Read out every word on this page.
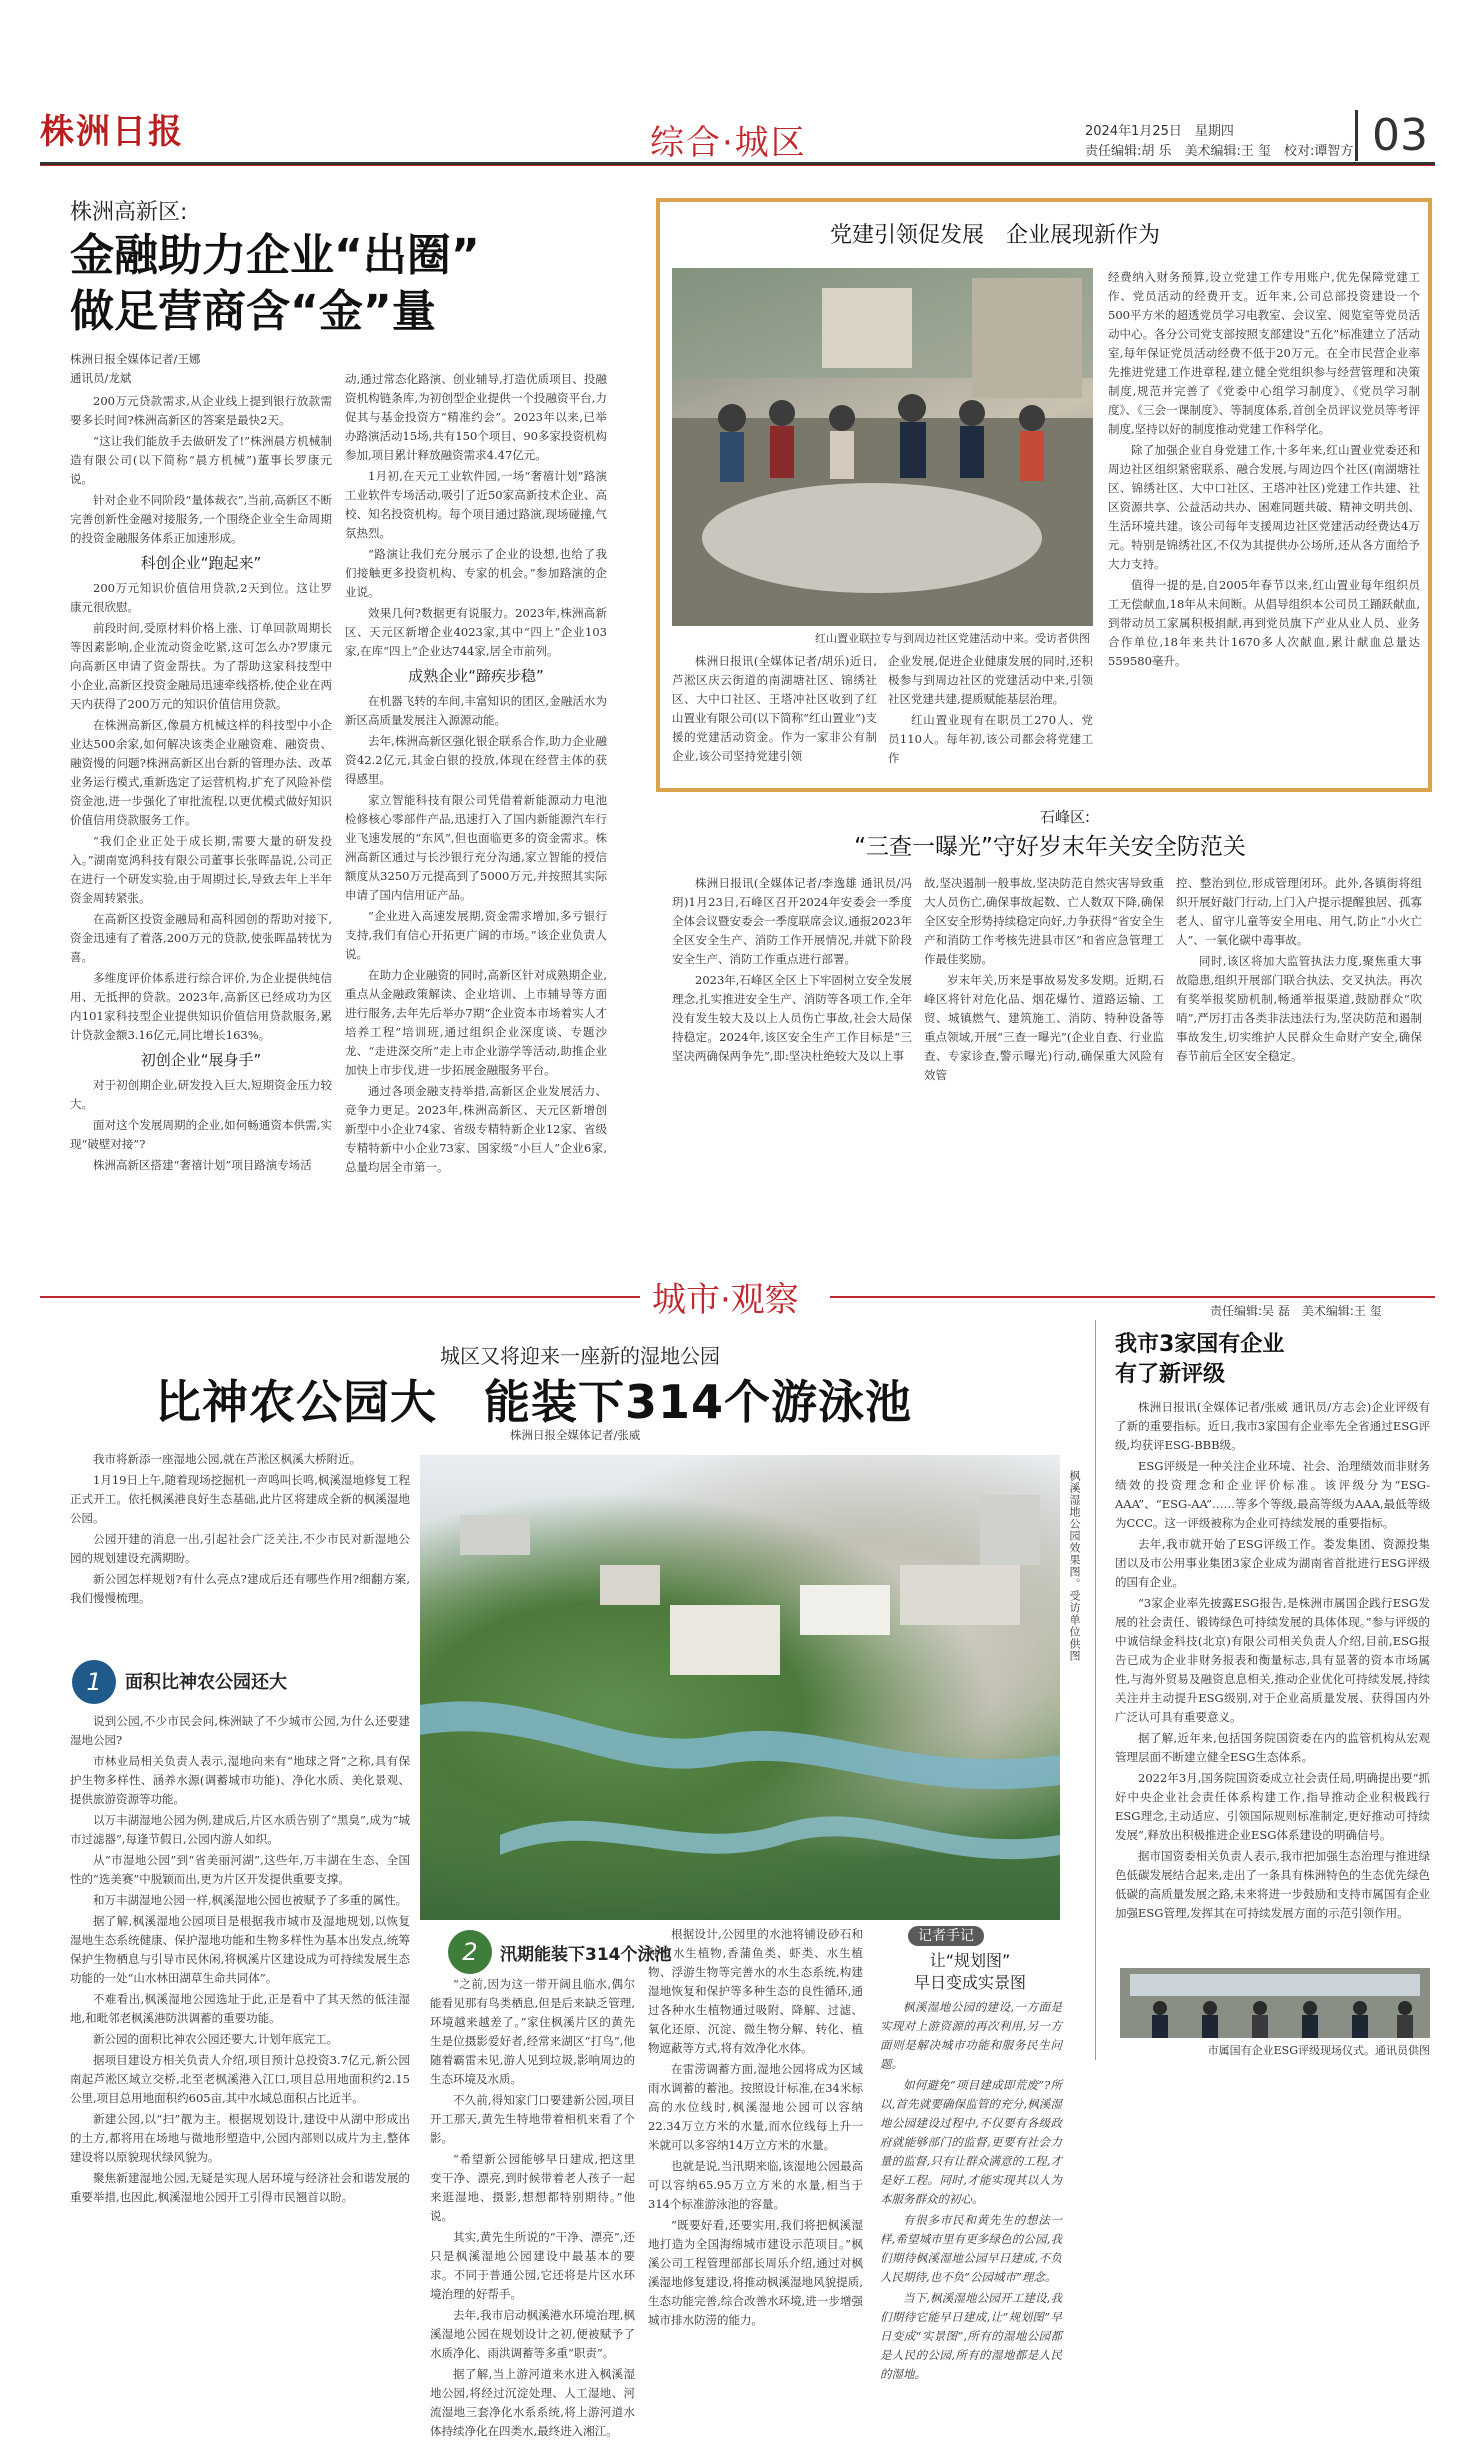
株洲日报	综合·城区	2024年1月25日　星期四
责任编辑:胡 乐　美术编辑:王 玺　校对:谭智方 03
株洲高新区:
金融助力企业“出圈”
做足营商含“金”量
株洲日报全媒体记者/王娜
通讯员/龙斌

200万元贷款需求,从企业线上提到银行放款需要多长时间?株洲高新区的答案是最快2天。

“这让我们能放手去做研发了!”株洲晨方机械制造有限公司(以下简称“晨方机械”)董事长罗康元说。

针对企业不同阶段“量体裁衣”,当前,高新区不断完善创新性金融对接服务,一个围绕企业全生命周期的投资金融服务体系正加速形成。

科创企业“跑起来”

200万元知识价值信用贷款,2天到位。这让罗康元很欣慰。

前段时间,受原材料价格上涨、订单回款周期长等因素影响,企业流动资金吃紧,这可怎么办?罗康元向高新区申请了资金帮扶。为了帮助这家科技型中小企业,高新区投资金融局迅速牵线搭桥,使企业在两天内获得了200万元的知识价值信用贷款。

在株洲高新区,像晨方机械这样的科技型中小企业达500余家,如何解决该类企业融资难、融资贵、融资慢的问题?株洲高新区出台新的管理办法、改革业务运行模式,重新选定了运营机构,扩充了风险补偿资金池,进一步强化了审批流程,以更优模式做好知识价值信用贷款服务工作。

“我们企业正处于成长期,需要大量的研发投入。”湖南宽鸿科技有限公司董事长张晖晶说,公司正在进行一个研发实验,由于周期过长,导致去年上半年资金周转紧张。

在高新区投资金融局和高科园创的帮助对接下,资金迅速有了着落,200万元的贷款,使张晖晶转忧为喜。

多维度评价体系进行综合评价,为企业提供纯信用、无抵押的贷款。2023年,高新区已经成功为区内101家科技型企业提供知识价值信用贷款服务,累计贷款金额3.16亿元,同比增长163%。

初创企业“展身手”

对于初创期企业,研发投入巨大,短期资金压力较大。

面对这个发展周期的企业,如何畅通资本供需,实现“破壁对接”?

株洲高新区搭建“奢禧计划”项目路演专场活

动,通过常态化路演、创业辅导,打造优质项目、投融资机构链条库,为初创型企业提供一个投融资平台,力促其与基金投资方“精准约会”。2023年以来,已举办路演活动15场,共有150个项目、90多家投资机构参加,项目累计释放融资需求4.47亿元。

1月初,在天元工业软件园,一场“奢禧计划”路演工业软件专场活动,吸引了近50家高新技术企业、高校、知名投资机构。每个项目通过路演,现场碰撞,气氛热烈。

“路演让我们充分展示了企业的设想,也给了我们接触更多投资机构、专家的机会。”参加路演的企业说。

效果几何?数据更有说服力。2023年,株洲高新区、天元区新增企业4023家,其中“四上”企业103家,在库“四上”企业达744家,居全市前列。

成熟企业“蹄疾步稳”

在机器飞转的车间,丰富知识的团区,金融活水为新区高质量发展注入源源动能。

去年,株洲高新区强化银企联系合作,助力企业融资42.2亿元,其金白银的投放,体现在经营主体的获得感里。

家立智能科技有限公司凭借着新能源动力电池检修核心零部件产品,迅速打入了国内新能源汽车行业飞速发展的“东风”,但也面临更多的资金需求。株洲高新区通过与长沙银行充分沟通,家立智能的授信额度从3250万元提高到了5000万元,并按照其实际申请了国内信用证产品。

“企业进入高速发展期,资金需求增加,多亏银行支持,我们有信心开拓更广阔的市场。”该企业负责人说。

在助力企业融资的同时,高新区针对成熟期企业,重点从金融政策解读、企业培训、上市辅导等方面进行服务,去年先后举办7期“企业资本市场着实人才培养工程”培训班,通过组织企业深度谈、专题沙龙、“走进深交所”走上市企业游学等活动,助推企业加快上市步伐,进一步拓展金融服务平台。

通过各项金融支持举措,高新区企业发展活力、竞争力更足。2023年,株洲高新区、天元区新增创新型中小企业74家、省级专精特新企业12家、省级专精特新中小企业73家、国家级“小巨人”企业6家,总量均居全市第一。

党建引领促发展　企业展现新作为
红山置业联拉专与到周边社区党建活动中来。受访者供图

株洲日报讯(全媒体记者/胡乐)近日,芦淞区庆云街道的南湖塘社区、锦绣社区、大中口社区、王塔冲社区收到了红山置业有限公司(以下简称“红山置业”)支援的党建活动资金。作为一家非公有制企业,该公司坚持党建引领

企业发展,促进企业健康发展的同时,还积极参与到周边社区的党建活动中来,引领社区党建共建,提质赋能基层治理。

红山置业现有在职员工270人、党员110人。每年初,该公司都会将党建工作

经费纳入财务预算,设立党建工作专用账户,优先保障党建工作、党员活动的经费开支。近年来,公司总部投资建设一个500平方米的超透党员学习电教室、会议室、阅览室等党员活动中心。各分公司党支部按照支部建设“五化”标准建立了活动室,每年保证党员活动经费不低于20万元。在全市民营企业率先推进党建工作进章程,建立健全党组织参与经营管理和决策制度,规范并完善了《党委中心组学习制度》、《党员学习制度》、《三会一课制度》、等制度体系,首创全员评议党员等考评制度,坚持以好的制度推动党建工作科学化。

除了加强企业自身党建工作,十多年来,红山置业党委还和周边社区组织紧密联系、融合发展,与周边四个社区(南湖塘社区、锦绣社区、大中口社区、王塔冲社区)党建工作共建、社区资源共享、公益活动共办、困难同题共破、精神文明共创、生活环境共建。该公司每年支援周边社区党建活动经费达4万元。特别是锦绣社区,不仅为其提供办公场所,还从各方面给予大力支持。

值得一提的是,自2005年春节以来,红山置业每年组织员工无偿献血,18年从未间断。从倡导组织本公司员工踊跃献血,到带动员工家属积极捐献,再到党员旗下产业从业人员、业务合作单位,18年来共计1670多人次献血,累计献血总量达559580毫升。

石峰区:
“三查一曝光”守好岁末年关安全防范关

株洲日报讯(全媒体记者/李逸雄 通讯员/冯玥)1月23日,石峰区召开2024年安委会一季度全体会议暨安委会一季度联席会议,通报2023年全区安全生产、消防工作开展情况,并就下阶段安全生产、消防工作重点进行部署。

2023年,石峰区全区上下牢固树立安全发展理念,扎实推进安全生产、消防等各项工作,全年没有发生较大及以上人员伤亡事故,社会大局保持稳定。2024年,该区安全生产工作目标是“三坚决两确保两争先”,即:坚决杜绝较大及以上事

故,坚决遏制一般事故,坚决防范自然灾害导致重大人员伤亡,确保事故起数、亡人数双下降,确保全区安全形势持续稳定向好,力争获得“省安全生产和消防工作考核先进县市区”和省应急管理工作最佳奖励。

岁末年关,历来是事故易发多发期。近期,石峰区将针对危化品、烟花爆竹、道路运输、工贸、城镇燃气、建筑施工、消防、特种设备等重点领域,开展“三查一曝光”(企业自查、行业监查、专家诊查,警示曝光)行动,确保重大风险有效管

控、整治到位,形成管理闭环。此外,各镇街将组织开展好敲门行动,上门入户提示提醒独居、孤寡老人、留守儿童等安全用电、用气,防止“小火亡人”、一氧化碳中毒事故。

同时,该区将加大监管执法力度,聚焦重大事故隐患,组织开展部门联合执法、交叉执法。再次有奖举报奖励机制,畅通举报渠道,鼓励群众“吹哨”,严厉打击各类非法违法行为,坚决防范和遏制事故发生,切实维护人民群众生命财产安全,确保春节前后全区安全稳定。

城市·观察	责任编辑:吴 磊　美术编辑:王 玺
城区又将迎来一座新的湿地公园
比神农公园大　能装下314个游泳池
株洲日报全媒体记者/张威

我市将新添一座湿地公园,就在芦淞区枫溪大桥附近。

1月19日上午,随着现场挖掘机一声鸣叫长鸣,枫溪湿地修复工程正式开工。依托枫溪港良好生态基础,此片区将建成全新的枫溪湿地公园。

公园开建的消息一出,引起社会广泛关注,不少市民对新湿地公园的规划建设充满期盼。

新公园怎样规划?有什么亮点?建成后还有哪些作用?细翻方案,我们慢慢梳理。	枫溪湿地公园效果图。受访单位供图
1	面积比神农公园还大

说到公园,不少市民会问,株洲缺了不少城市公园,为什么还要建湿地公园?

市林业局相关负责人表示,湿地向来有“地球之肾”之称,具有保护生物多样性、涵养水源(调蓄城市功能)、净化水质、美化景观、提供旅游资源等功能。

以万丰湖湿地公园为例,建成后,片区水质告别了“黑臭”,成为“城市过滤器”,每逢节假日,公园内游人如织。

从“市湿地公园”到“省美丽河湖”,这些年,万丰湖在生态、全国性的“选美赛”中脱颖而出,更为片区开发提供重要支撑。

和万丰湖湿地公园一样,枫溪湿地公园也被赋予了多重的属性。

据了解,枫溪湿地公园项目是根据我市城市及湿地规划,以恢复湿地生态系统健康、保护湿地功能和生物多样性为基本出发点,统筹保护生物栖息与引导市民休闲,将枫溪片区建设成为可持续发展生态功能的一处“山水林田湖草生命共同体”。

不难看出,枫溪湿地公园选址于此,正是看中了其天然的低洼湿地,和毗邻老枫溪港防洪调蓄的重要功能。

新公园的面积比神农公园还要大,计划年底完工。

据项目建设方相关负责人介绍,项目预计总投资3.7亿元,新公园南起芦淞区域立交桥,北至老枫溪港入江口,项目总用地面积约2.15公里,项目总用地面积约605亩,其中水域总面积占比近半。

新建公园,以“扫”靓为主。根据规划设计,建设中从湖中形成出的土方,都将用在场地与微地形塑造中,公园内部则以成片为主,整体建设将以原貌现状绿风貌为。

聚焦新建湿地公园,无疑是实现人居环境与经济社会和谐发展的重要举措,也因此,枫溪湿地公园开工引得市民翘首以盼。

2	汛期能装下314个泳池

“之前,因为这一带开阔且临水,偶尔能看见那有鸟类栖息,但是后来缺乏管理,环境越来越差了。”家住枫溪片区的黄先生是位摄影爱好者,经常来湖区“打鸟”,他随着霸雷未见,游人见到垃圾,影响周边的生态环境及水质。

不久前,得知家门口要建新公园,项目开工那天,黄先生特地带着相机来看了个影。

“希望新公园能够早日建成,把这里变干净、漂亮,到时候带着老人孩子一起来逛湿地、摄影,想想都特别期待。”他说。

其实,黄先生所说的“干净、漂亮”,还只是枫溪湿地公园建设中最基本的要求。不同于普通公园,它还将是片区水环境治理的好帮手。

去年,我市启动枫溪港水环境治理,枫溪湿地公园在规划设计之初,便被赋予了水质净化、雨洪调蓄等多重“职责”。

据了解,当上游河道来水进入枫溪湿地公园,将经过沉淀处理、人工湿地、河流湿地三套净化水系系统,将上游河道水体持续净化在四类水,最终进入湘江。

根据设计,公园里的水池将铺设砂石和种植水生植物,香蒲鱼类、虾类、水生植物、浮游生物等完善水的水生态系统,构建湿地恢复和保护等多种生态的良性循环,通过各种水生植物通过吸附、降解、过滤、氧化还原、沉淀、微生物分解、转化、植物遮蔽等方式,将有效净化水体。

在雷涝调蓄方面,湿地公园将成为区域雨水调蓄的蓄池。按照设计标准,在34米标高的水位线时,枫溪湿地公园可以容纳22.34万立方米的水量,而水位线每上升一米就可以多容纳14万立方米的水量。

也就是说,当汛期来临,该湿地公园最高可以容纳65.95万立方米的水量,相当于314个标准游泳池的容量。

“既要好看,还要实用,我们将把枫溪湿地打造为全国海绵城市建设示范项目。”枫溪公司工程管理部部长周乐介绍,通过对枫溪湿地修复建设,将推动枫溪湿地风貌提质,生态功能完善,综合改善水环境,进一步增强城市排水防涝的能力。

记者手记
让“规划图”
早日变成实景图

枫溪湿地公园的建设,一方面是实现对上游资源的再次利用,另一方面则是解决城市功能和服务民生问题。

如何避免“项目建成即荒废”?所以,首先就要确保监管的充分,枫溪湿地公园建设过程中,不仅要有各级政府就能够部门的监督,更要有社会力量的监督,只有让群众满意的工程,才是好工程。同时,才能实现其以人为本服务群众的初心。

有很多市民和黄先生的想法一样,希望城市里有更多绿色的公园,我们期待枫溪湿地公园早日建成,不负人民期待,也不负“公园城市”理念。

当下,枫溪湿地公园开工建设,我们期待它能早日建成,让“规划图”早日变成“实景图”,所有的湿地公园都是人民的公园,所有的湿地都是人民的湿地。

我市3家国有企业
有了新评级

株洲日报讯(全媒体记者/张威 通讯员/方志会)企业评级有了新的重要指标。近日,我市3家国有企业率先全省通过ESG评级,均获评ESG-BBB级。

ESG评级是一种关注企业环境、社会、治理绩效而非财务绩效的投资理念和企业评价标准。该评级分为“ESG-AAA”、“ESG-AA”……等多个等级,最高等级为AAA,最低等级为CCC。这一评级被称为企业可持续发展的重要指标。

去年,我市就开始了ESG评级工作。娄发集团、资源投集团以及市公用事业集团3家企业成为湖南省首批进行ESG评级的国有企业。

“3家企业率先披露ESG报告,是株洲市属国企践行ESG发展的社会责任、锻铸绿色可持续发展的具体体现。”参与评级的中诚信绿金科技(北京)有限公司相关负责人介绍,目前,ESG报告已成为企业非财务报表和衡量标志,具有显著的资本市场属性,与海外贸易及融资息息相关,推动企业优化可持续发展,持续关注并主动提升ESG级别,对于企业高质量发展、获得国内外广泛认可具有重要意义。

据了解,近年来,包括国务院国资委在内的监管机构从宏观管理层面不断建立健全ESG生态体系。

2022年3月,国务院国资委成立社会责任局,明确提出要“抓好中央企业社会责任体系构建工作,指导推动企业积极践行ESG理念,主动适应、引领国际规则标准制定,更好推动可持续发展”,释放出积极推进企业ESG体系建设的明确信号。

据市国资委相关负责人表示,我市把加强生态治理与推进绿色低碳发展结合起来,走出了一条具有株洲特色的生态优先绿色低碳的高质量发展之路,未来将进一步鼓励和支持市属国有企业加强ESG管理,发挥其在可持续发展方面的示范引领作用。

市属国有企业ESG评级现场仪式。通讯员供图
